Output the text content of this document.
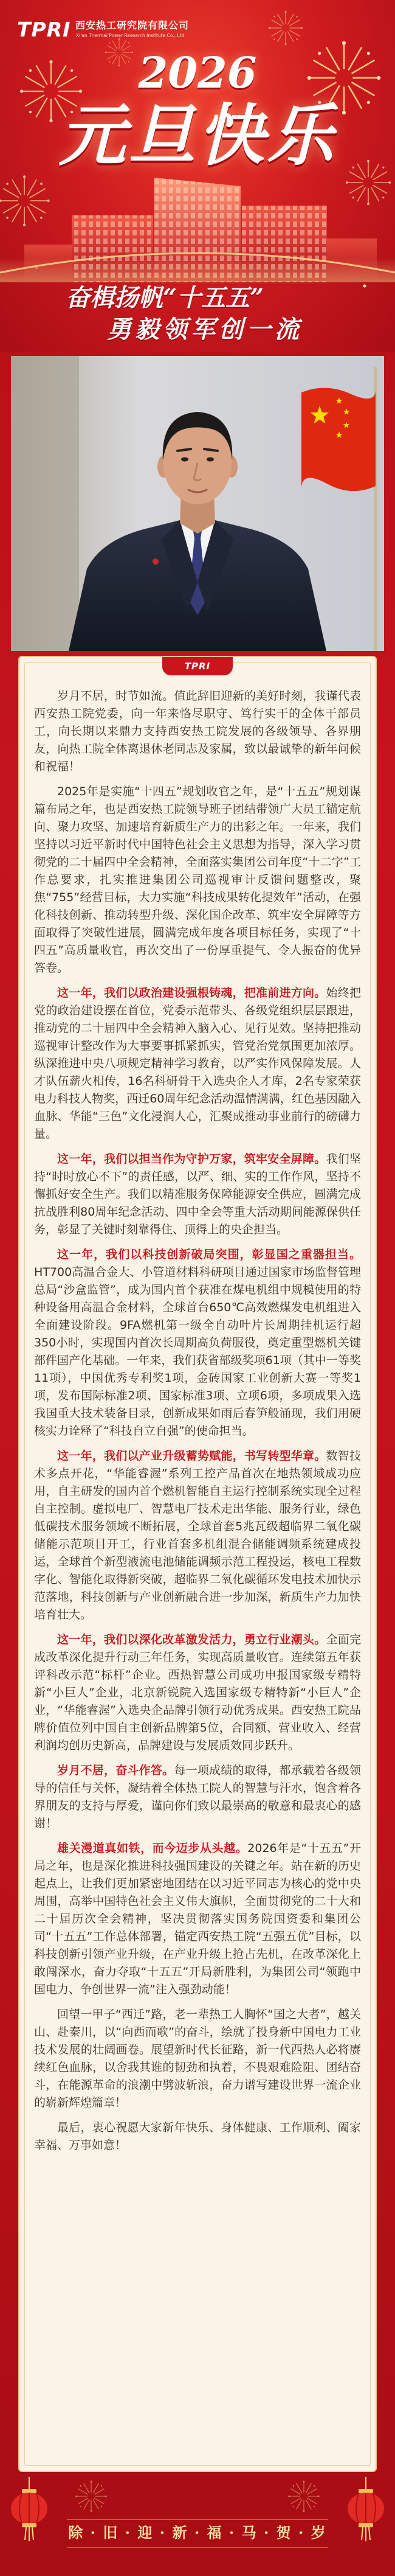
TPRI 西安热工研究院有限公司
Xi'an Thermal Power Research Institute Co., Ltd.
2026
元旦快乐
奋楫扬帆“十五五”
勇毅领军创一流
TPRI

岁月不居，时节如流。值此辞旧迎新的美好时刻，我谨代表西安热工院党委，向一年来恪尽职守、笃行实干的全体干部员工，向长期以来鼎力支持西安热工院发展的各级领导、各界朋友，向热工院全体离退休老同志及家属，致以最诚挚的新年问候和祝福！

2025年是实施“十四五”规划收官之年，是“十五五”规划谋篇布局之年，也是西安热工院领导班子团结带领广大员工锚定航向、聚力攻坚、加速培育新质生产力的出彩之年。一年来，我们坚持以习近平新时代中国特色社会主义思想为指导，深入学习贯彻党的二十届四中全会精神，全面落实集团公司年度“十二字”工作总要求，扎实推进集团公司巡视审计反馈问题整改，聚焦“755”经营目标，大力实施“科技成果转化提效年”活动，在强化科技创新、推动转型升级、深化国企改革、筑牢安全屏障等方面取得了突破性进展，圆满完成年度各项目标任务，实现了“十四五”高质量收官，再次交出了一份厚重提气、令人振奋的优异答卷。

这一年，我们以政治建设强根铸魂，把准前进方向。始终把党的政治建设摆在首位，党委示范带头、各级党组织层层跟进，推动党的二十届四中全会精神入脑入心、见行见效。坚持把推动巡视审计整改作为大事要事抓紧抓实，管党治党氛围更加浓厚。纵深推进中央八项规定精神学习教育，以严实作风保障发展。人才队伍薪火相传，16名科研骨干入选央企人才库，2名专家荣获电力科技人物奖，西迁60周年纪念活动温情满满，红色基因融入血脉、华能“三色”文化浸润人心，汇聚成推动事业前行的磅礴力量。

这一年，我们以担当作为守护万家，筑牢安全屏障。我们坚持“时时放心不下”的责任感，以严、细、实的工作作风，坚持不懈抓好安全生产。我们以精准服务保障能源安全供应，圆满完成抗战胜利80周年纪念活动、四中全会等重大活动期间能源保供任务，彰显了关键时刻靠得住、顶得上的央企担当。

这一年，我们以科技创新破局突围，彰显国之重器担当。HT700高温合金大、小管道材料科研项目通过国家市场监督管理总局“沙盒监管”，成为国内首个获准在煤电机组中规模使用的特种设备用高温合金材料，全球首台650℃高效燃煤发电机组进入全面建设阶段。9FA燃机第一级全自动叶片长周期挂机运行超350小时，实现国内首次长周期高负荷服役，奠定重型燃机关键部件国产化基础。一年来，我们获省部级奖项61项（其中一等奖11项），中国优秀专利奖1项，金砖国家工业创新大赛一等奖1项，发布国际标准2项、国家标准3项、立项6项，多项成果入选我国重大技术装备目录，创新成果如雨后春笋般涌现，我们用硬核实力诠释了“科技自立自强”的使命担当。

这一年，我们以产业升级蓄势赋能，书写转型华章。数智技术多点开花，“华能睿渥”系列工控产品首次在地热领域成功应用，自主研发的国内首个燃机智能自主运行控制系统实现全过程自主控制。虚拟电厂、智慧电厂技术走出华能、服务行业，绿色低碳技术服务领域不断拓展，全球首套5兆瓦级超临界二氧化碳储能示范项目开工，行业首套多机组混合储能调频系统建成投运，全球首个新型液流电池储能调频示范工程投运，核电工程数字化、智能化取得新突破，超临界二氧化碳循环发电技术加快示范落地，科技创新与产业创新融合进一步加深，新质生产力加快培育壮大。

这一年，我们以深化改革激发活力，勇立行业潮头。全面完成改革深化提升行动三年任务，实现高质量收官。连续第五年获评科改示范“标杆”企业。西热智慧公司成功申报国家级专精特新“小巨人”企业，北京新锐院入选国家级专精特新“小巨人”企业，“华能睿渥”入选央企品牌引领行动优秀成果。西安热工院品牌价值位列中国自主创新品牌第5位，合同额、营业收入、经营利润均创历史新高，品牌建设与发展质效同步跃升。

岁月不居，奋斗作答。每一项成绩的取得，都承载着各级领导的信任与关怀，凝结着全体热工院人的智慧与汗水，饱含着各界朋友的支持与厚爱，谨向你们致以最崇高的敬意和最衷心的感谢！

雄关漫道真如铁，而今迈步从头越。2026年是“十五五”开局之年，也是深化推进科技强国建设的关键之年。站在新的历史起点上，让我们更加紧密地团结在以习近平同志为核心的党中央周围，高举中国特色社会主义伟大旗帜，全面贯彻党的二十大和二十届历次全会精神，坚决贯彻落实国务院国资委和集团公司“十五五”工作总体部署，锚定西安热工院“五强五优”目标，以科技创新引领产业升级，在产业升级上抢占先机，在改革深化上敢闯深水，奋力夺取“十五五”开局新胜利，为集团公司“领跑中国电力、争创世界一流”注入强劲动能！

回望一甲子“西迁”路，老一辈热工人胸怀“国之大者”，越关山、赴秦川，以“向西而歌”的奋斗，绘就了投身新中国电力工业技术发展的壮阔画卷。展望新时代长征路，新一代西热人必将赓续红色血脉，以舍我其谁的韧劲和执着，不畏艰难险阻、团结奋斗，在能源革命的浪潮中劈波斩浪，奋力谱写建设世界一流企业的崭新辉煌篇章！

最后，衷心祝愿大家新年快乐、身体健康、工作顺利、阖家幸福、万事如意！

除 · 旧 · 迎 · 新 · 福 · 马 · 贺 · 岁
